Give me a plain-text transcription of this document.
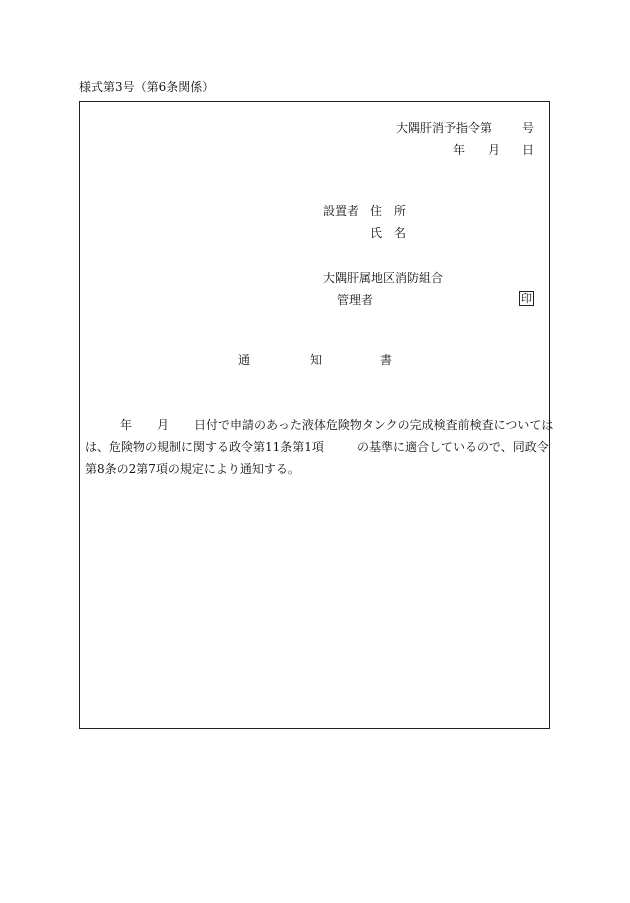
様式第3号（第6条関係）
大隅肝消予指令第 号
年 月 日
設置者 住　所
氏　名
大隅肝属地区消防組合
管理者	印
通	知	書
年 月 日付で申請のあった液体危険物タンクの完成検査前検査については
は、危険物の規制に関する政令第11条第1項	の基準に適合しているので、同政令
第8条の2第7項の規定により通知する。
